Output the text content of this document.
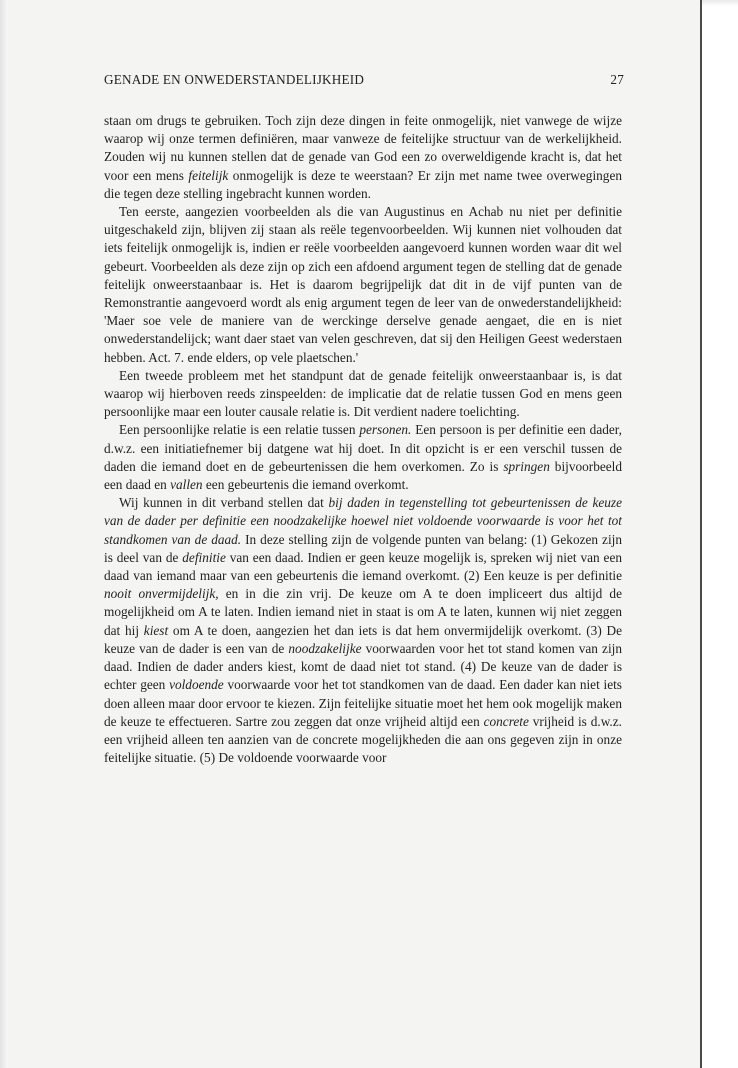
GENADE EN ONWEDERSTANDELIJKHEID	27

staan om drugs te gebruiken. Toch zijn deze dingen in feite onmogelijk, niet vanwege de wijze waarop wij onze termen definiëren, maar vanweze de feitelijke structuur van de werkelijkheid. Zouden wij nu kunnen stellen dat de genade van God een zo overweldigende kracht is, dat het voor een mens feitelijk onmogelijk is deze te weerstaan? Er zijn met name twee overwegingen die tegen deze stelling ingebracht kunnen worden.

Ten eerste, aangezien voorbeelden als die van Augustinus en Achab nu niet per definitie uitgeschakeld zijn, blijven zij staan als reële tegenvoorbeelden. Wij kunnen niet volhouden dat iets feitelijk onmogelijk is, indien er reële voorbeelden aangevoerd kunnen worden waar dit wel gebeurt. Voorbeelden als deze zijn op zich een afdoend argument tegen de stelling dat de genade feitelijk onweerstaanbaar is. Het is daarom begrijpelijk dat dit in de vijf punten van de Remonstrantie aangevoerd wordt als enig argument tegen de leer van de onwederstandelijkheid: 'Maer soe vele de maniere van de werckinge derselve genade aengaet, die en is niet onwederstandelijck; want daer staet van velen geschreven, dat sij den Heiligen Geest wederstaen hebben. Act. 7. ende elders, op vele plaetschen.'

Een tweede probleem met het standpunt dat de genade feitelijk onweerstaanbaar is, is dat waarop wij hierboven reeds zinspeelden: de implicatie dat de relatie tussen God en mens geen persoonlijke maar een louter causale relatie is. Dit verdient nadere toelichting.

Een persoonlijke relatie is een relatie tussen personen. Een persoon is per definitie een dader, d.w.z. een initiatiefnemer bij datgene wat hij doet. In dit opzicht is er een verschil tussen de daden die iemand doet en de gebeurtenissen die hem overkomen. Zo is springen bijvoorbeeld een daad en vallen een gebeurtenis die iemand overkomt.

Wij kunnen in dit verband stellen dat bij daden in tegenstelling tot gebeurtenissen de keuze van de dader per definitie een noodzakelijke hoewel niet voldoende voorwaarde is voor het tot standkomen van de daad. In deze stelling zijn de volgende punten van belang: (1) Gekozen zijn is deel van de definitie van een daad. Indien er geen keuze mogelijk is, spreken wij niet van een daad van iemand maar van een gebeurtenis die iemand overkomt. (2) Een keuze is per definitie nooit onvermijdelijk, en in die zin vrij. De keuze om A te doen impliceert dus altijd de mogelijkheid om A te laten. Indien iemand niet in staat is om A te laten, kunnen wij niet zeggen dat hij kiest om A te doen, aangezien het dan iets is dat hem onvermijdelijk overkomt. (3) De keuze van de dader is een van de noodzakelijke voorwaarden voor het tot stand komen van zijn daad. Indien de dader anders kiest, komt de daad niet tot stand. (4) De keuze van de dader is echter geen voldoende voorwaarde voor het tot standkomen van de daad. Een dader kan niet iets doen alleen maar door ervoor te kiezen. Zijn feitelijke situatie moet het hem ook mogelijk maken de keuze te effectueren. Sartre zou zeggen dat onze vrijheid altijd een concrete vrijheid is d.w.z. een vrijheid alleen ten aanzien van de concrete mogelijkheden die aan ons gegeven zijn in onze feitelijke situatie. (5) De voldoende voorwaarde voor
